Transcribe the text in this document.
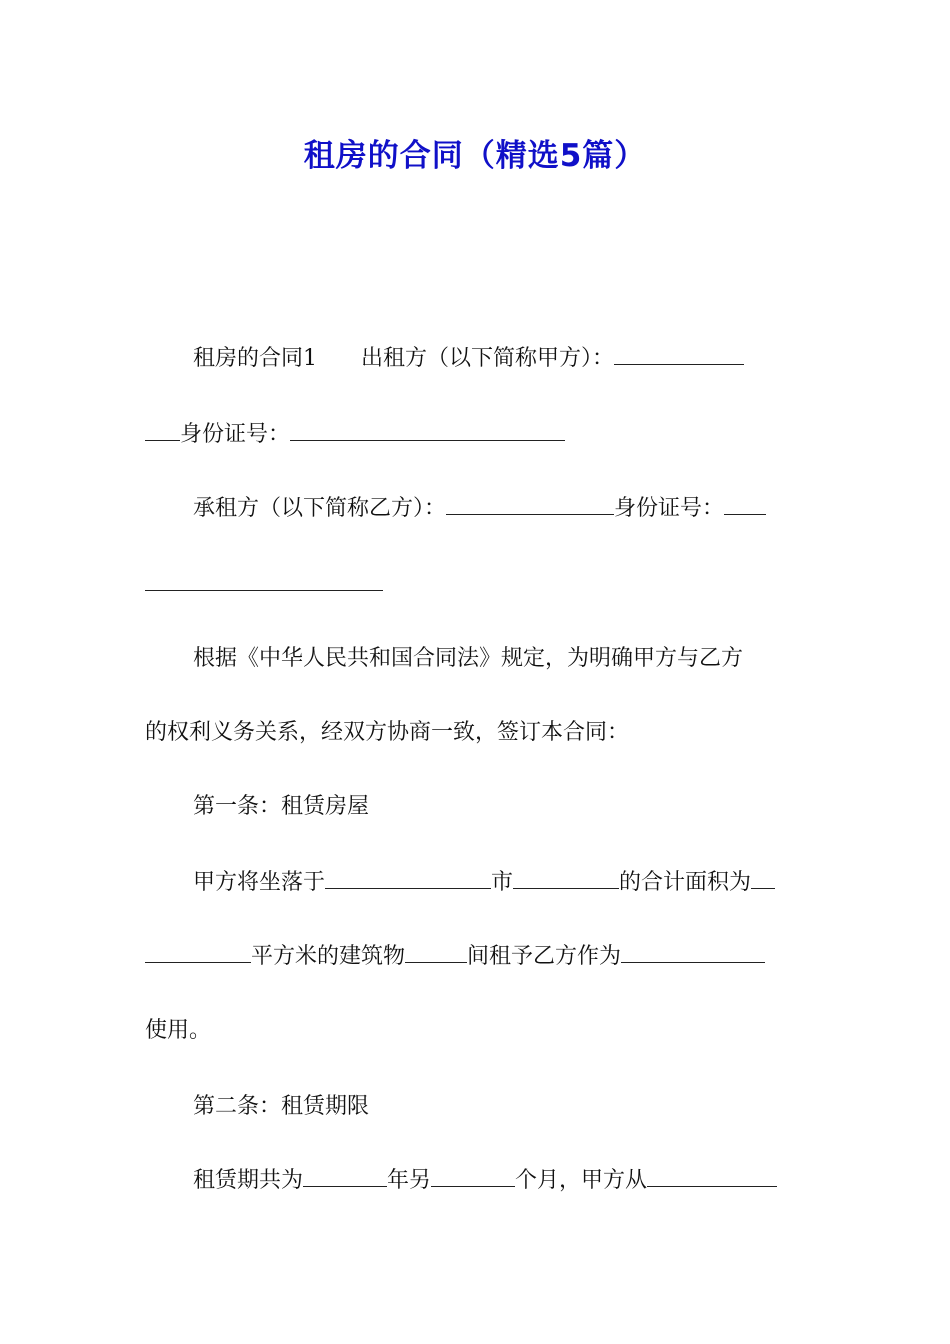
租房的合同（精选5篇）
租房的合同1 出租方（以下简称甲方）：
身份证号：
承租方（以下简称乙方）：	身份证号：
根据《中华人民共和国合同法》规定，为明确甲方与乙方
的权利义务关系，经双方协商一致，签订本合同：
第一条：租赁房屋
甲方将坐落于	市	的合计面积为
平方米的建筑物	间租予乙方作为
使用。
第二条：租赁期限
租赁期共为	年另	个月，甲方从
